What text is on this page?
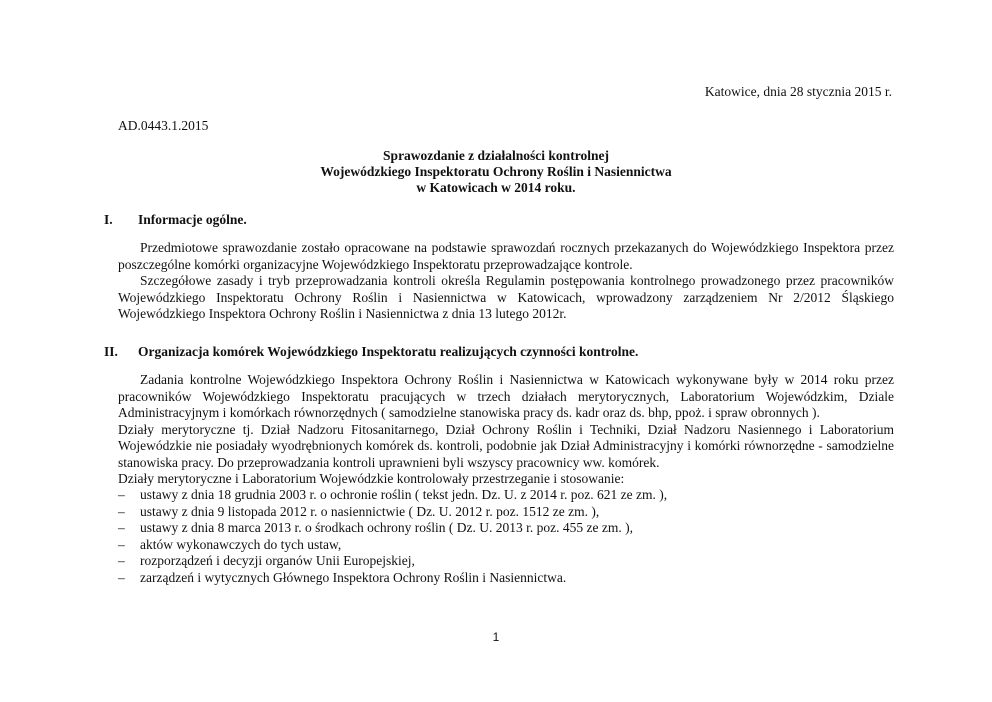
Katowice, dnia 28 stycznia 2015 r.
AD.0443.1.2015
Sprawozdanie z działalności kontrolnej
Wojewódzkiego Inspektoratu Ochrony Roślin i Nasiennictwa
w Katowicach w 2014 roku.
I. Informacje ogólne.

Przedmiotowe sprawozdanie zostało opracowane na podstawie sprawozdań rocznych przekazanych do Wojewódzkiego Inspektora przez poszczególne komórki organizacyjne Wojewódzkiego Inspektoratu przeprowadzające kontrole.

Szczegółowe zasady i tryb przeprowadzania kontroli określa Regulamin postępowania kontrolnego prowadzonego przez pracowników Wojewódzkiego Inspektoratu Ochrony Roślin i Nasiennictwa w Katowicach, wprowadzony zarządzeniem Nr 2/2012 Śląskiego Wojewódzkiego Inspektora Ochrony Roślin i Nasiennictwa z dnia 13 lutego 2012r.

II. Organizacja komórek Wojewódzkiego Inspektoratu realizujących czynności kontrolne.

Zadania kontrolne Wojewódzkiego Inspektora Ochrony Roślin i Nasiennictwa w Katowicach wykonywane były w 2014 roku przez pracowników Wojewódzkiego Inspektoratu pracujących w trzech działach merytorycznych, Laboratorium Wojewódzkim, Dziale Administracyjnym i komórkach równorzędnych ( samodzielne stanowiska pracy ds. kadr oraz ds. bhp, ppoż. i spraw obronnych ).

Działy merytoryczne tj. Dział Nadzoru Fitosanitarnego, Dział Ochrony Roślin i Techniki, Dział Nadzoru Nasiennego i Laboratorium Wojewódzkie nie posiadały wyodrębnionych komórek ds. kontroli, podobnie jak Dział Administracyjny i komórki równorzędne - samodzielne stanowiska pracy. Do przeprowadzania kontroli uprawnieni byli wszyscy pracownicy ww. komórek.

Działy merytoryczne i Laboratorium Wojewódzkie kontrolowały przestrzeganie i stosowanie:

– ustawy z dnia 18 grudnia 2003 r. o ochronie roślin ( tekst jedn. Dz. U. z 2014 r. poz. 621 ze zm. ),
– ustawy z dnia 9 listopada 2012 r. o nasiennictwie ( Dz. U. 2012 r. poz. 1512 ze zm. ),
– ustawy z dnia 8 marca 2013 r. o środkach ochrony roślin ( Dz. U. 2013 r. poz. 455 ze zm. ),
– aktów wykonawczych do tych ustaw,
– rozporządzeń i decyzji organów Unii Europejskiej,
– zarządzeń i wytycznych Głównego Inspektora Ochrony Roślin i Nasiennictwa.
1
